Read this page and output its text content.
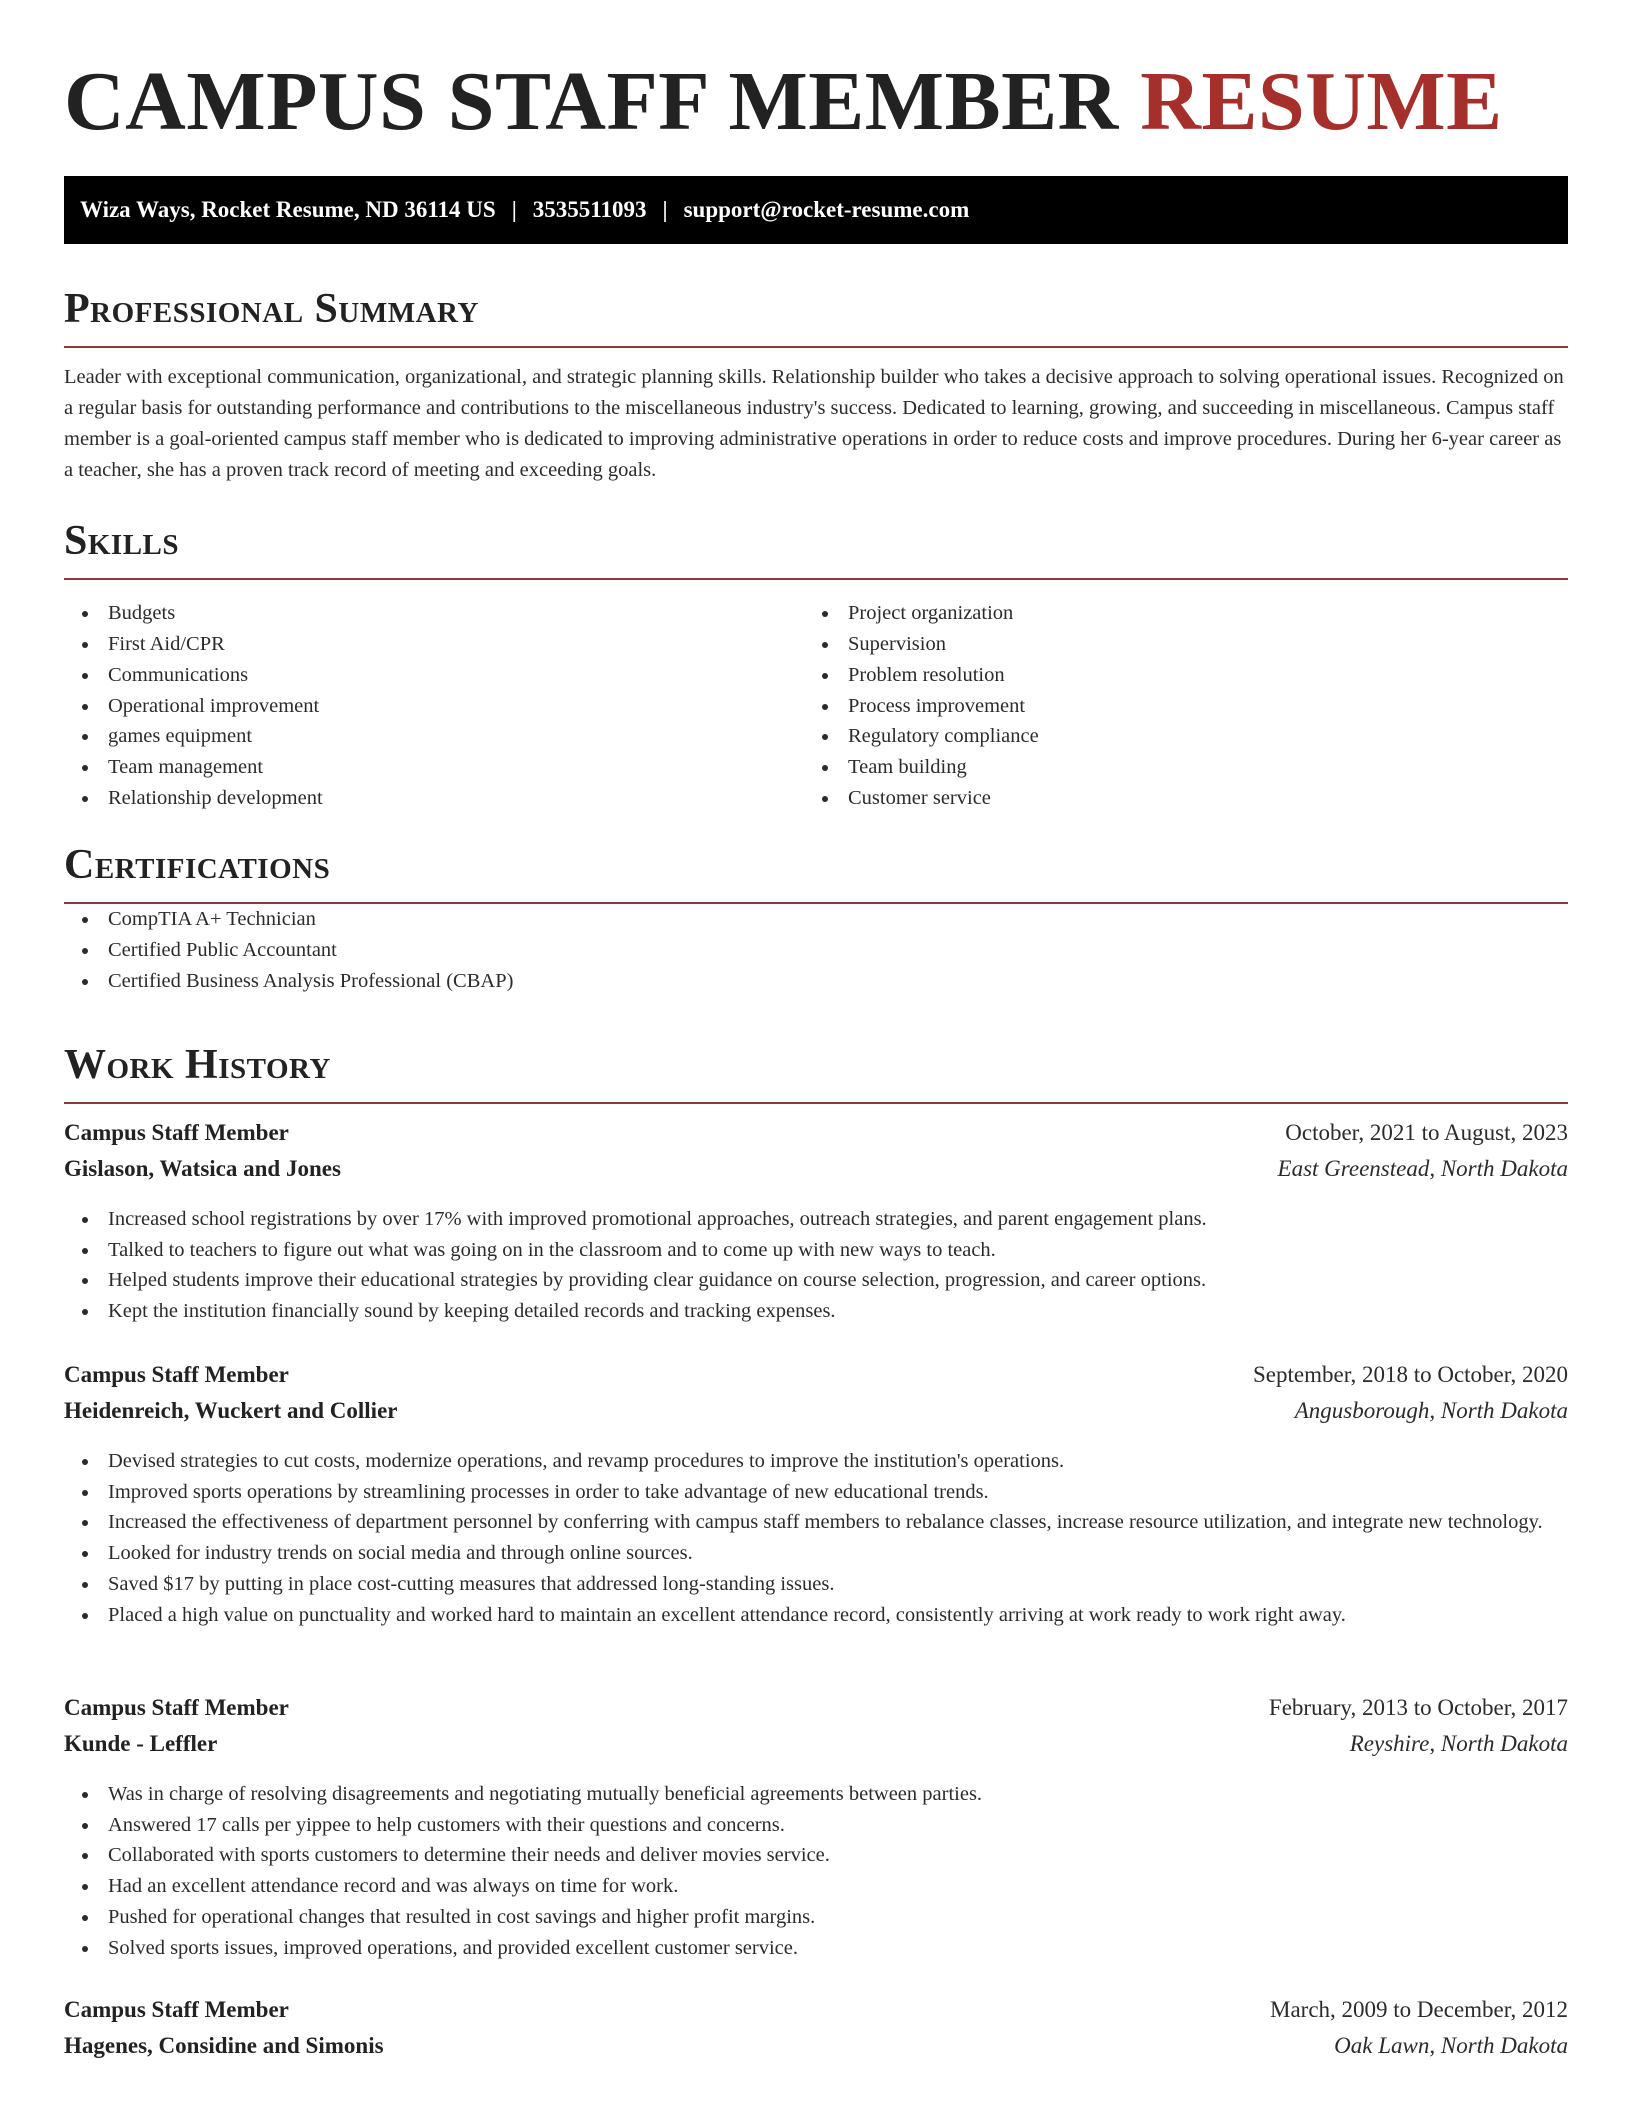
CAMPUS STAFF MEMBER RESUME
Wiza Ways, Rocket Resume, ND 36114 US | 3535511093 | support@rocket-resume.com
Professional Summary

Leader with exceptional communication, organizational, and strategic planning skills. Relationship builder who takes a decisive approach to solving operational issues. Recognized on a regular basis for outstanding performance and contributions to the miscellaneous industry's success. Dedicated to learning, growing, and succeeding in miscellaneous. Campus staff member is a goal-oriented campus staff member who is dedicated to improving administrative operations in order to reduce costs and improve procedures. During her 6-year career as a teacher, she has a proven track record of meeting and exceeding goals.

Skills
Budgets
First Aid/CPR
Communications
Operational improvement
games equipment
Team management
Relationship development
Project organization
Supervision
Problem resolution
Process improvement
Regulatory compliance
Team building
Customer service
Certifications
CompTIA A+ Technician
Certified Public Accountant
Certified Business Analysis Professional (CBAP)
Work History
Campus Staff Member	October, 2021 to August, 2023
Gislason, Watsica and Jones	East Greenstead, North Dakota
Increased school registrations by over 17% with improved promotional approaches, outreach strategies, and parent engagement plans.
Talked to teachers to figure out what was going on in the classroom and to come up with new ways to teach.
Helped students improve their educational strategies by providing clear guidance on course selection, progression, and career options.
Kept the institution financially sound by keeping detailed records and tracking expenses.
Campus Staff Member	September, 2018 to October, 2020
Heidenreich, Wuckert and Collier	Angusborough, North Dakota
Devised strategies to cut costs, modernize operations, and revamp procedures to improve the institution's operations.
Improved sports operations by streamlining processes in order to take advantage of new educational trends.
Increased the effectiveness of department personnel by conferring with campus staff members to rebalance classes, increase resource utilization, and integrate new technology.
Looked for industry trends on social media and through online sources.
Saved $17 by putting in place cost-cutting measures that addressed long-standing issues.
Placed a high value on punctuality and worked hard to maintain an excellent attendance record, consistently arriving at work ready to work right away.
Campus Staff Member	February, 2013 to October, 2017
Kunde - Leffler	Reyshire, North Dakota
Was in charge of resolving disagreements and negotiating mutually beneficial agreements between parties.
Answered 17 calls per yippee to help customers with their questions and concerns.
Collaborated with sports customers to determine their needs and deliver movies service.
Had an excellent attendance record and was always on time for work.
Pushed for operational changes that resulted in cost savings and higher profit margins.
Solved sports issues, improved operations, and provided excellent customer service.
Campus Staff Member	March, 2009 to December, 2012
Hagenes, Considine and Simonis	Oak Lawn, North Dakota
